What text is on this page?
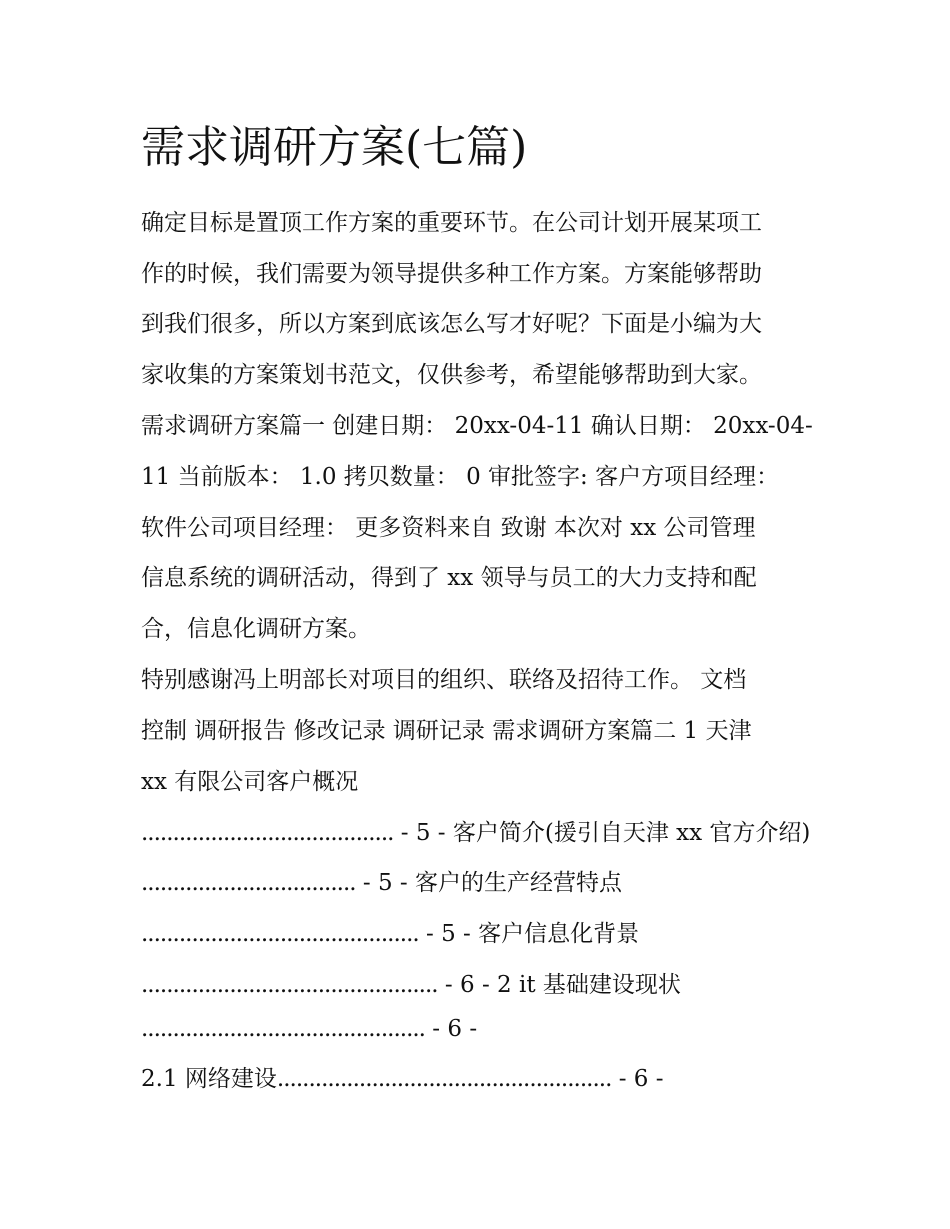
需求调研方案(七篇)
确定目标是置顶工作方案的重要环节。在公司计划开展某项工
作的时候，我们需要为领导提供多种工作方案。方案能够帮助
到我们很多，所以方案到底该怎么写才好呢？下面是小编为大
家收集的方案策划书范文，仅供参考，希望能够帮助到大家。
需求调研方案篇一 创建日期： 20xx-04-11 确认日期： 20xx-04-
11 当前版本： 1.0 拷贝数量： 0 审批签字: 客户方项目经理：
软件公司项目经理： 更多资料来自 致谢 本次对 xx 公司管理
信息系统的调研活动，得到了 xx 领导与员工的大力支持和配
合，信息化调研方案。
特别感谢冯上明部长对项目的组织、联络及招待工作。 文档
控制 调研报告 修改记录 调研记录 需求调研方案篇二 1 天津
xx 有限公司客户概况
........................................ - 5 - 客户简介(援引自天津 xx 官方介绍)
.................................. - 5 - 客户的生产经营特点
............................................ - 5 - 客户信息化背景
............................................... - 6 - 2 it 基础建设现状
............................................. - 6 -
2.1 网络建设..................................................... - 6 -
